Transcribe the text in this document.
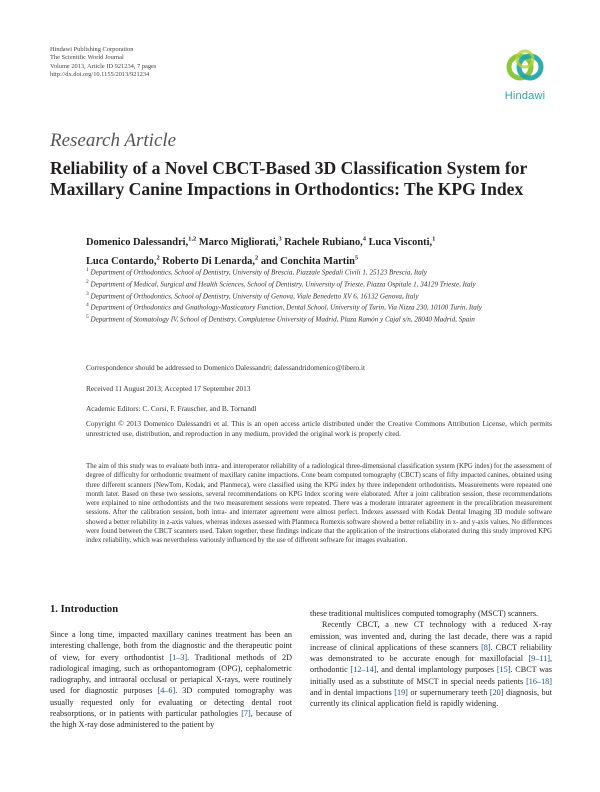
Hindawi Publishing Corporation
The Scientific World Journal
Volume 2013, Article ID 921234, 7 pages
http://dx.doi.org/10.1155/2013/921234
Hindawi
Research Article
Reliability of a Novel CBCT-Based 3D Classification System for Maxillary Canine Impactions in Orthodontics: The KPG Index
Domenico Dalessandri,$^{1,2}$ Marco Migliorati,$^3$ Rachele Rubiano,$^4$ Luca Visconti,$^1$
Luca Contardo,$^2$ Roberto Di Lenarda,$^2$ and Conchita Martin$^5$

$^1$ Department of Orthodontics, School of Dentistry, University of Brescia, Piazzale Spedali Civili 1, 25123 Brescia, Italy

$^2$ Department of Medical, Surgical and Health Sciences, School of Dentistry, University of Trieste, Piazza Ospitale 1, 34129 Trieste, Italy

$^3$ Department of Orthodontics, School of Dentistry, University of Genova, Viale Benedetto XV 6, 16132 Genova, Italy

$^4$ Department of Orthodontics and Gnathology-Masticatory Function, Dental School, University of Turin, Via Nizza 230, 10100 Turin, Italy

$^5$ Department of Stomatology IV, School of Dentistry, Complutense University of Madrid, Plaza Ramón y Cajal s/n, 28040 Madrid, Spain

Correspondence should be addressed to Domenico Dalessandri; dalessandridomenico@libero.it
Received 11 August 2013; Accepted 17 September 2013
Academic Editors: C. Corsi, F. Frauscher, and B. Tornandl
Copyright © 2013 Domenico Dalessandri et al. This is an open access article distributed under the Creative Commons Attribution License, which permits unrestricted use, distribution, and reproduction in any medium, provided the original work is properly cited.
The aim of this study was to evaluate both intra- and interoperator reliability of a radiological three-dimensional classification system (KPG index) for the assessment of degree of difficulty for orthodontic treatment of maxillary canine impactions. Cone beam computed tomography (CBCT) scans of fifty impacted canines, obtained using three different scanners (NewTom, Kodak, and Planmeca), were classified using the KPG index by three independent orthodontists. Measurements were repeated one month later. Based on these two sessions, several recommendations on KPG Index scoring were elaborated. After a joint calibration session, these recommendations were explained to nine orthodontists and the two measurement sessions were repeated. There was a moderate intrarater agreement in the precalibration measurement sessions. After the calibration session, both intra- and interrater agreement were almost perfect. Indexes assessed with Kodak Dental Imaging 3D module software showed a better reliability in z-axis values, whereas indexes assessed with Planmeca Romexis software showed a better reliability in x- and y-axis values. No differences were found between the CBCT scanners used. Taken together, these findings indicate that the application of the instructions elaborated during this study improved KPG index reliability, which was nevertheless variously influenced by the use of different software for images evaluation.
1. Introduction

Since a long time, impacted maxillary canines treatment has been an interesting challenge, both from the diagnostic and the therapeutic point of view, for every orthodontist [1–3]. Traditional methods of 2D radiological imaging, such as orthopantomogram (OPG), cephalometric radiography, and intraoral occlusal or periapical X-rays, were routinely used for diagnostic purposes [4–6]. 3D computed tomography was usually requested only for evaluating or detecting dental root reabsorptions, or in patients with particular pathologies [7], because of the high X-ray dose administered to the patient by

these traditional multislices computed tomography (MSCT) scanners.

Recently CBCT, a new CT technology with a reduced X-ray emission, was invented and, during the last decade, there was a rapid increase of clinical applications of these scanners [8]. CBCT reliability was demonstrated to be accurate enough for maxillofacial [9–11], orthodontic [12–14], and dental implantology purposes [15]. CBCT was initially used as a substitute of MSCT in special needs patients [16–18] and in dental impactions [19] or supernumerary teeth [20] diagnosis, but currently its clinical application field is rapidly widening.
